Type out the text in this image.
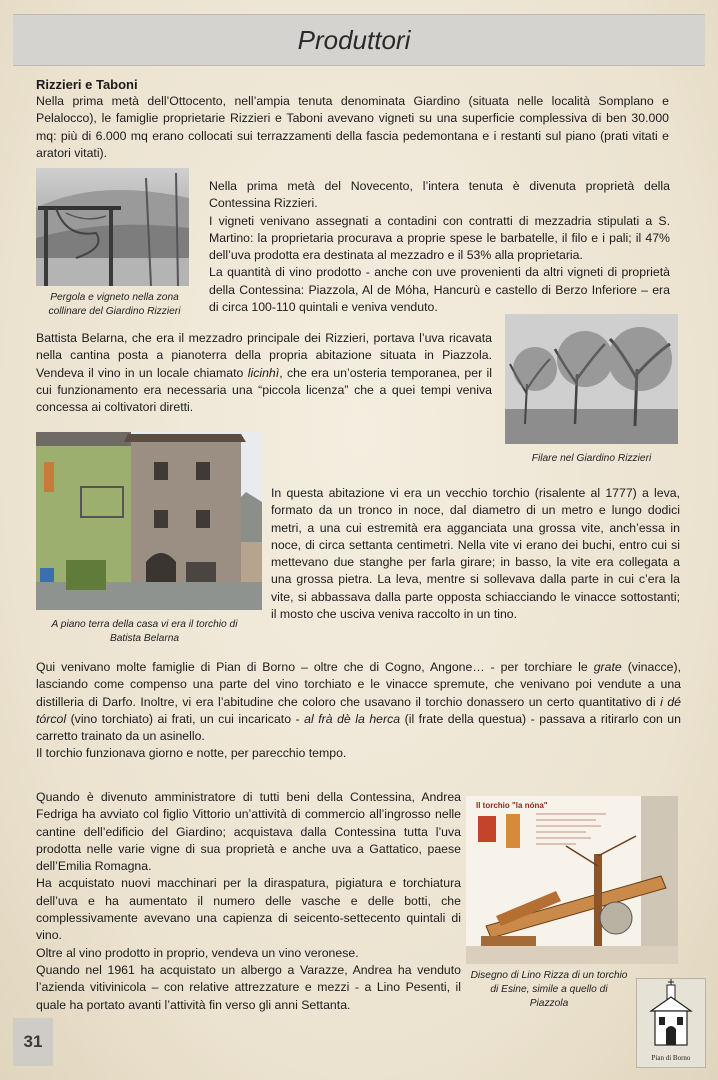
Produttori

Rizzieri e Taboni

Nella prima metà dell’Ottocento, nell’ampia tenuta denominata Giardino (situata nelle località Somplano e Pelalocco), le famiglie proprietarie Rizzieri e Taboni avevano vigneti su una superficie complessiva di ben 30.000 mq: più di 6.000 mq erano collocati sui terrazzamenti della fascia pedemontana e i restanti sul piano (prati vitati e aratori vitati).

Pergola e vigneto nella zona collinare del Giardino Rizzieri

Nella prima metà del Novecento, l’intera tenuta è divenuta proprietà della Contessina Rizzieri.

I vigneti venivano assegnati a contadini con contratti di mezzadria stipulati a S. Martino: la proprietaria procurava a proprie spese le barbatelle, il filo e i pali; il 47% dell’uva prodotta era destinata al mezzadro e il 53% alla proprietaria.

La quantità di vino prodotto - anche con uve provenienti da altri vigneti di proprietà della Contessina: Piazzola, Al de Móha, Hancurù e castello di Berzo Inferiore – era di circa 100-110 quintali e veniva venduto.

Battista Belarna, che era il mezzadro principale dei Rizzieri, portava l’uva ricavata nella cantina posta a pianoterra della propria abitazione situata in Piazzola. Vendeva il vino in un locale chiamato licinhì, che era un’osteria temporanea, per il cui funzionamento era necessaria una “piccola licenza” che a quei tempi veniva concessa ai coltivatori diretti.

Filare nel Giardino Rizzieri
A piano terra della casa vi era il torchio di Batista Belarna

In questa abitazione vi era un vecchio torchio (risalente al 1777) a leva, formato da un tronco in noce, dal diametro di un metro e lungo dodici metri, a una cui estremità era agganciata una grossa vite, anch’essa in noce, di circa settanta centimetri. Nella vite vi erano dei buchi, entro cui si mettevano due stanghe per farla girare; in basso, la vite era collegata a una grossa pietra. La leva, mentre si sollevava dalla parte in cui c’era la vite, si abbassava dalla parte opposta schiacciando le vinacce sottostanti; il mosto che usciva veniva raccolto in un tino.

Qui venivano molte famiglie di Pian di Borno – oltre che di Cogno, Angone… - per torchiare le grate (vinacce), lasciando come compenso una parte del vino torchiato e le vinacce spremute, che venivano poi vendute a una distilleria di Darfo. Inoltre, vi era l’abitudine che coloro che usavano il torchio donassero un certo quantitativo di i dé tórcol (vino torchiato) ai frati, un cui incaricato - al frà dè la herca (il frate della questua) - passava a ritirarlo con un carretto trainato da un asinello.

Il torchio funzionava giorno e notte, per parecchio tempo.

Quando è divenuto amministratore di tutti beni della Contessina, Andrea Fedriga ha avviato col figlio Vittorio un’attività di commercio all’ingrosso nelle cantine dell’edificio del Giardino; acquistava dalla Contessina tutta l’uva prodotta nelle varie vigne di sua proprietà e anche uva a Gattatico, paese dell’Emilia Romagna.

Ha acquistato nuovi macchinari per la diraspatura, pigiatura e torchiatura dell’uva e ha aumentato il numero delle vasche e delle botti, che complessivamente avevano una capienza di seicento-settecento quintali di vino.

Oltre al vino prodotto in proprio, vendeva un vino veronese.

Quando nel 1961 ha acquistato un albergo a Varazze, Andrea ha venduto l’azienda vitivinicola – con relative attrezzature e mezzi - a Lino Pesenti, il quale ha portato avanti l’attività fin verso gli anni Settanta.

Il torchio "la nóna"
Disegno di Lino Rizza di un torchio di Esine, simile a quello di Piazzola
31
Pian di Borno
